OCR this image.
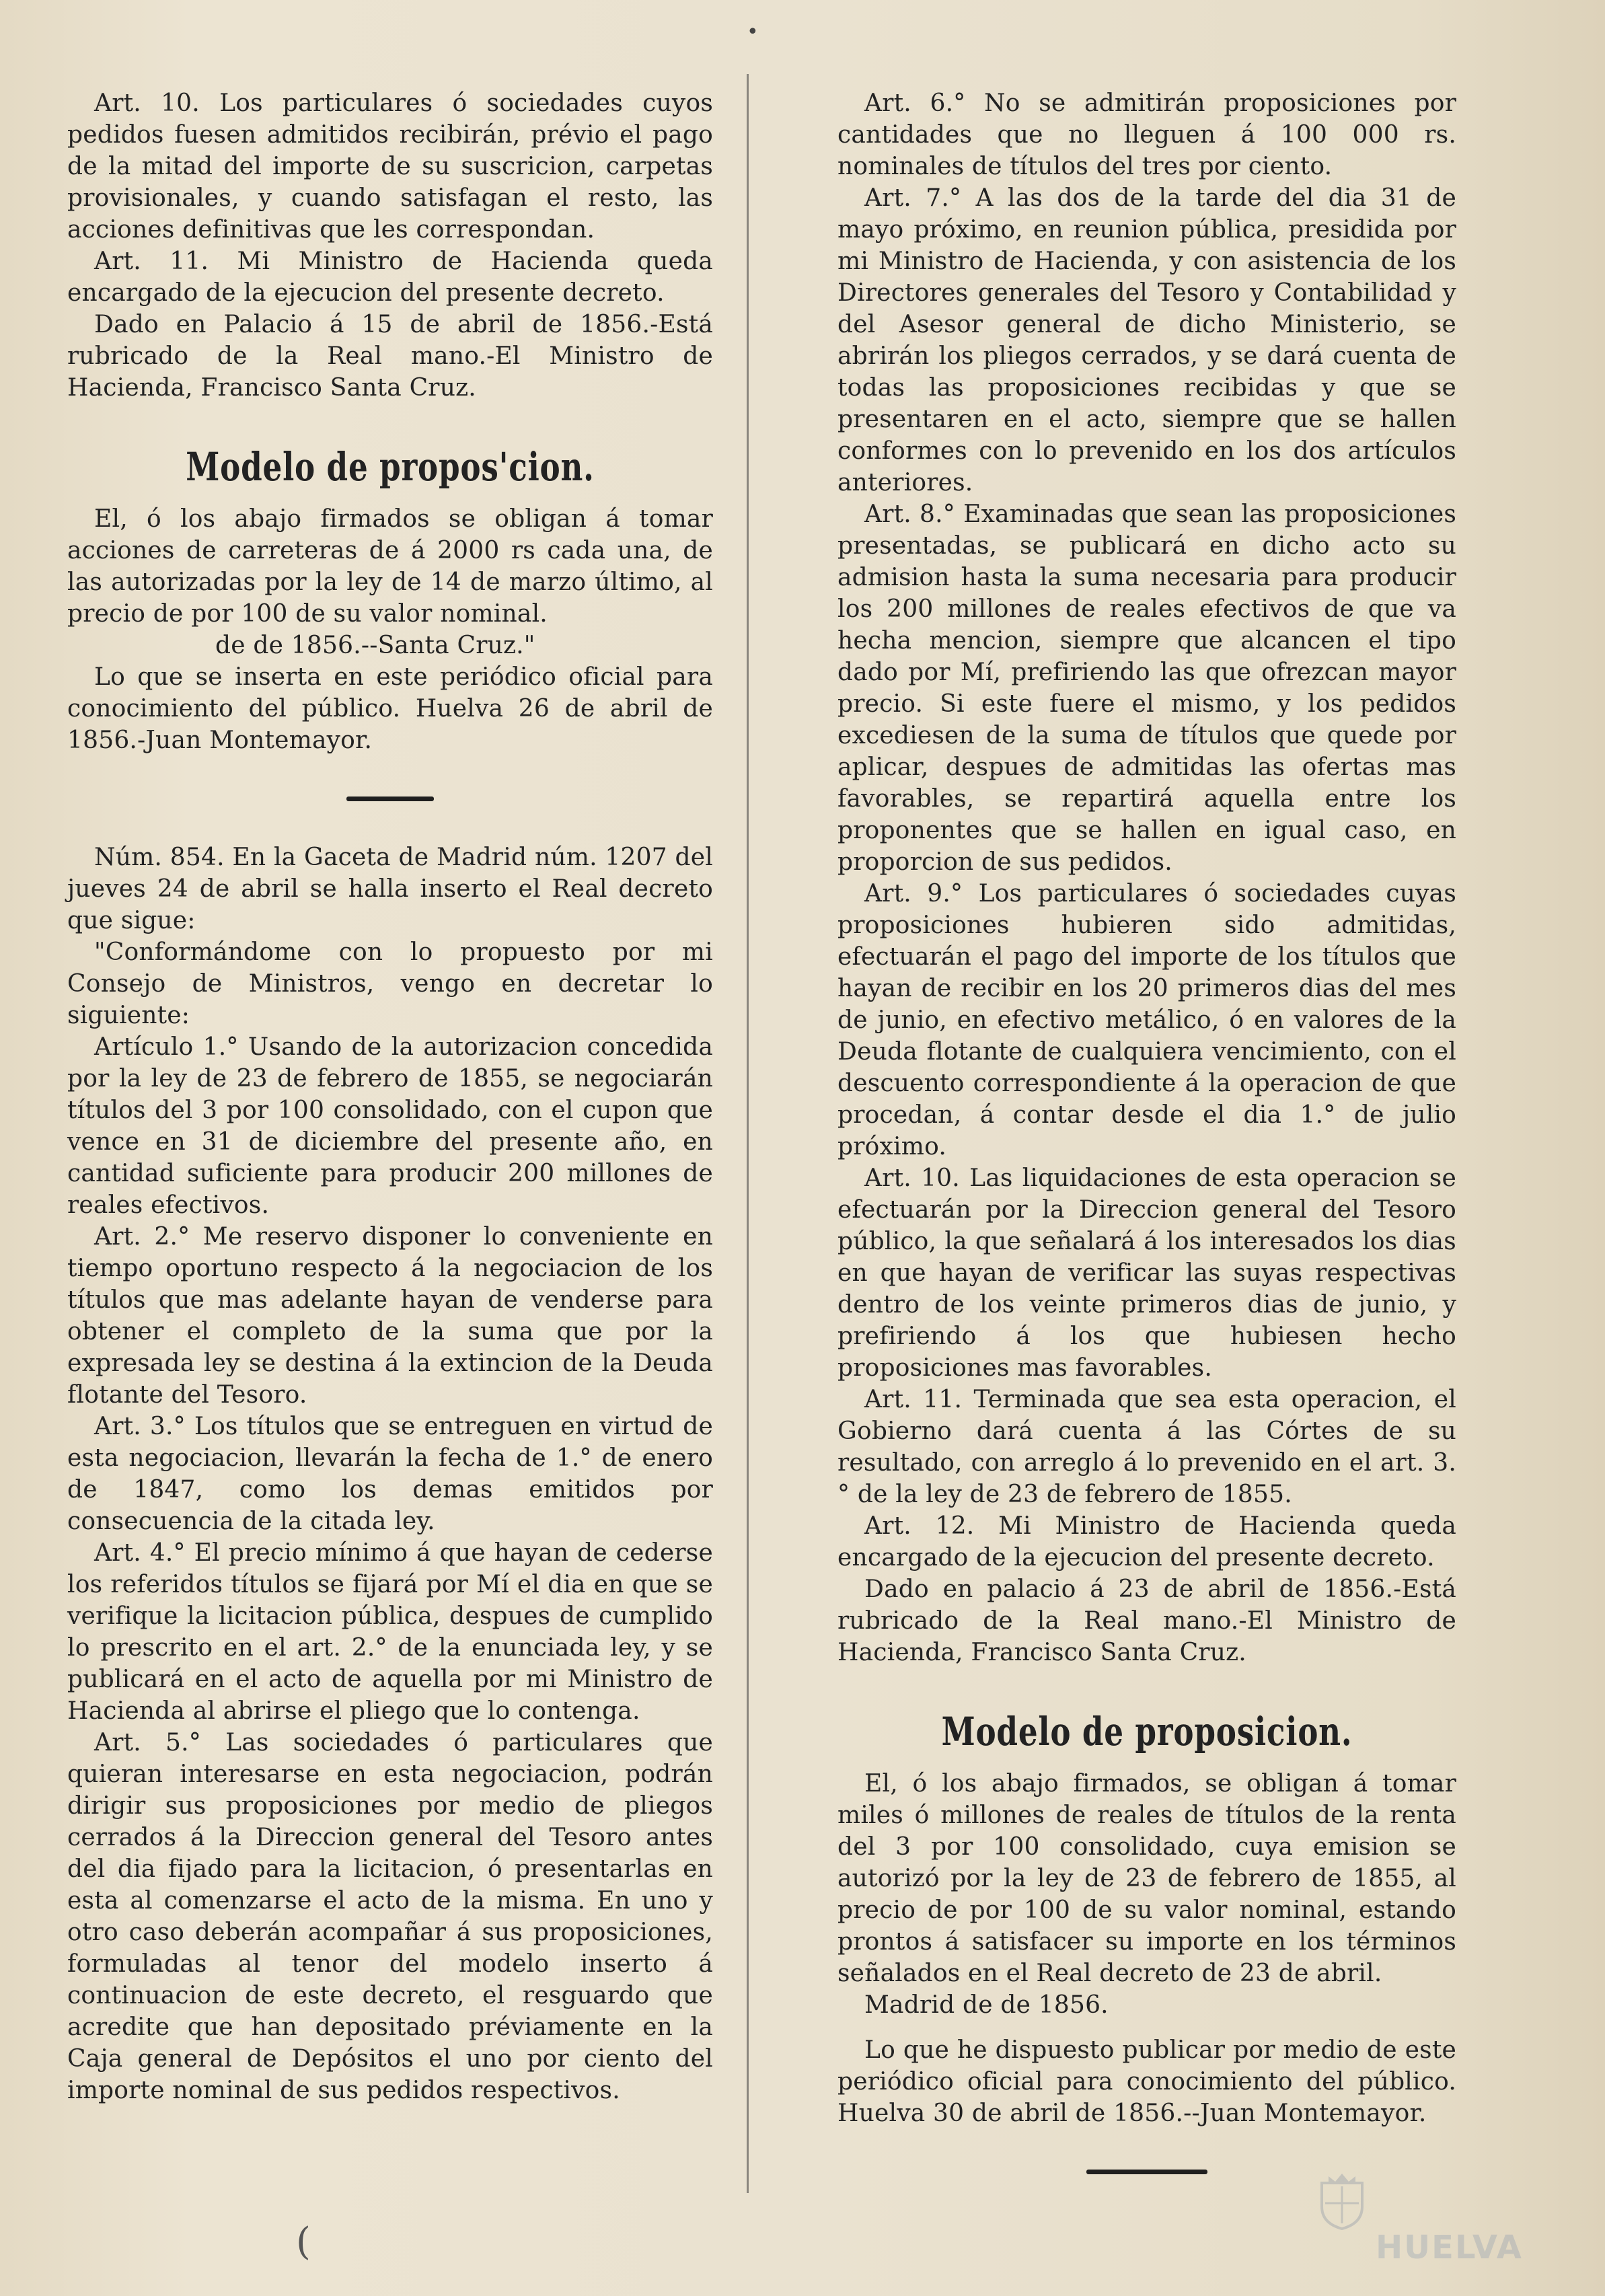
•

Art. 10. Los particulares ó sociedades cuyos pedidos fuesen admitidos recibirán, prévio el pago de la mitad del importe de su suscricion, carpetas provisionales, y cuando satisfagan el resto, las acciones definitivas que les correspondan.

Art. 11. Mi Ministro de Hacienda queda encargado de la ejecucion del presente decreto.

Dado en Palacio á 15 de abril de 1856.-Está rubricado de la Real mano.-El Ministro de Hacienda, Francisco Santa Cruz.

Modelo de propos'cion.

El, ó los abajo firmados se obligan á tomar acciones de carreteras de á 2000 rs cada una, de las autorizadas por la ley de 14 de marzo último, al precio de por 100 de su valor nominal.

de de 1856.--Santa Cruz."

Lo que se inserta en este periódico oficial para conocimiento del público. Huelva 26 de abril de 1856.-Juan Montemayor.

Núm. 854. En la Gaceta de Madrid núm. 1207 del jueves 24 de abril se halla inserto el Real decreto que sigue:

"Conformándome con lo propuesto por mi Consejo de Ministros, vengo en decretar lo siguiente:

Artículo 1.° Usando de la autorizacion concedida por la ley de 23 de febrero de 1855, se negociarán títulos del 3 por 100 consolidado, con el cupon que vence en 31 de diciembre del presente año, en cantidad suficiente para producir 200 millones de reales efectivos.

Art. 2.° Me reservo disponer lo conveniente en tiempo oportuno respecto á la negociacion de los títulos que mas adelante hayan de venderse para obtener el completo de la suma que por la expresada ley se destina á la extincion de la Deuda flotante del Tesoro.

Art. 3.° Los títulos que se entreguen en virtud de esta negociacion, llevarán la fecha de 1.° de enero de 1847, como los demas emitidos por consecuencia de la citada ley.

Art. 4.° El precio mínimo á que hayan de cederse los referidos títulos se fijará por Mí el dia en que se verifique la licitacion pública, despues de cumplido lo prescrito en el art. 2.° de la enunciada ley, y se publicará en el acto de aquella por mi Ministro de Hacienda al abrirse el pliego que lo contenga.

Art. 5.° Las sociedades ó particulares que quieran interesarse en esta negociacion, podrán dirigir sus proposiciones por medio de pliegos cerrados á la Direccion general del Tesoro antes del dia fijado para la licitacion, ó presentarlas en esta al comenzarse el acto de la misma. En uno y otro caso deberán acompañar á sus proposiciones, formuladas al tenor del modelo inserto á continuacion de este decreto, el resguardo que acredite que han depositado préviamente en la Caja general de Depósitos el uno por ciento del importe nominal de sus pedidos respectivos.

Art. 6.° No se admitirán proposiciones por cantidades que no lleguen á 100 000 rs. nominales de títulos del tres por ciento.

Art. 7.° A las dos de la tarde del dia 31 de mayo próximo, en reunion pública, presidida por mi Ministro de Hacienda, y con asistencia de los Directores generales del Tesoro y Contabilidad y del Asesor general de dicho Ministerio, se abrirán los pliegos cerrados, y se dará cuenta de todas las proposiciones recibidas y que se presentaren en el acto, siempre que se hallen conformes con lo prevenido en los dos artículos anteriores.

Art. 8.° Examinadas que sean las proposiciones presentadas, se publicará en dicho acto su admision hasta la suma necesaria para producir los 200 millones de reales efectivos de que va hecha mencion, siempre que alcancen el tipo dado por Mí, prefiriendo las que ofrezcan mayor precio. Si este fuere el mismo, y los pedidos excediesen de la suma de títulos que quede por aplicar, despues de admitidas las ofertas mas favorables, se repartirá aquella entre los proponentes que se hallen en igual caso, en proporcion de sus pedidos.

Art. 9.° Los particulares ó sociedades cuyas proposiciones hubieren sido admitidas, efectuarán el pago del importe de los títulos que hayan de recibir en los 20 primeros dias del mes de junio, en efectivo metálico, ó en valores de la Deuda flotante de cualquiera vencimiento, con el descuento correspondiente á la operacion de que procedan, á contar desde el dia 1.° de julio próximo.

Art. 10. Las liquidaciones de esta operacion se efectuarán por la Direccion general del Tesoro público, la que señalará á los interesados los dias en que hayan de verificar las suyas respectivas dentro de los veinte primeros dias de junio, y prefiriendo á los que hubiesen hecho proposiciones mas favorables.

Art. 11. Terminada que sea esta operacion, el Gobierno dará cuenta á las Córtes de su resultado, con arreglo á lo prevenido en el art. 3.° de la ley de 23 de febrero de 1855.

Art. 12. Mi Ministro de Hacienda queda encargado de la ejecucion del presente decreto.

Dado en palacio á 23 de abril de 1856.-Está rubricado de la Real mano.-El Ministro de Hacienda, Francisco Santa Cruz.

Modelo de proposicion.

El, ó los abajo firmados, se obligan á tomar miles ó millones de reales de títulos de la renta del 3 por 100 consolidado, cuya emision se autorizó por la ley de 23 de febrero de 1855, al precio de por 100 de su valor nominal, estando prontos á satisfacer su importe en los términos señalados en el Real decreto de 23 de abril.

Madrid de de 1856.

Lo que he dispuesto publicar por medio de este periódico oficial para conocimiento del público. Huelva 30 de abril de 1856.--Juan Montemayor.

(	HUELVA
